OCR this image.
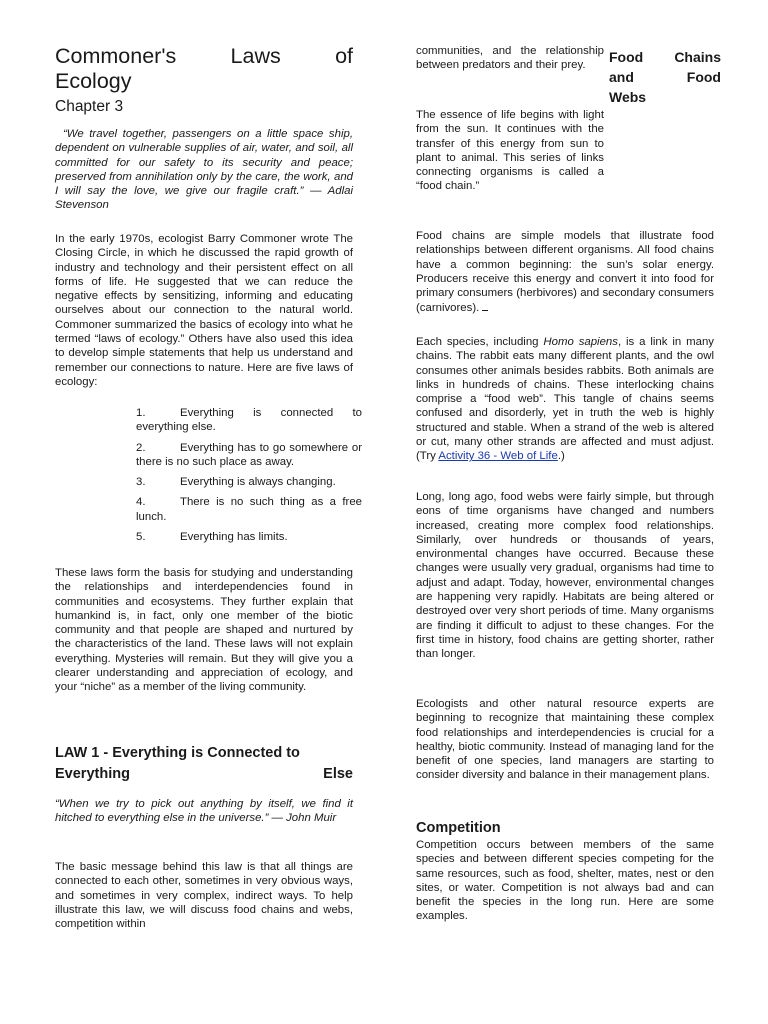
Commoner's	Laws	of
Ecology
Chapter 3

“We travel together, passengers on a little space ship, dependent on vulnerable supplies of air, water, and soil, all committed for our safety to its security and peace; preserved from annihilation only by the care, the work, and I will say the love, we give our fragile craft.” — Adlai Stevenson

In the early 1970s, ecologist Barry Commoner wrote The Closing Circle, in which he discussed the rapid growth of industry and technology and their persistent effect on all forms of life. He suggested that we can reduce the negative effects by sensitizing, informing and educating ourselves about our connection to the natural world. Commoner summarized the basics of ecology into what he termed “laws of ecology.” Others have also used this idea to develop simple statements that help us understand and remember our connections to nature. Here are five laws of ecology:

1.	Everything is connected to everything else.
2.	Everything has to go somewhere or there is no such place as away.
3.	Everything is always changing.
4.	There is no such thing as a free lunch.
5.	Everything has limits.

These laws form the basis for studying and understanding the relationships and interdependencies found in communities and ecosystems. They further explain that humankind is, in fact, only one member of the biotic community and that people are shaped and nurtured by the characteristics of the land. These laws will not explain everything. Mysteries will remain. But they will give you a clearer understanding and appreciation of ecology, and your “niche” as a member of the living community.

LAW 1 - Everything is Connected to
Everything	Else

“When we try to pick out anything by itself, we find it hitched to everything else in the universe.” — John Muir

The basic message behind this law is that all things are connected to each other, sometimes in very obvious ways, and sometimes in very complex, indirect ways. To help illustrate this law, we will discuss food chains and webs, competition within

communities, and the relationship between predators and their prey.

Food Chains
and	Food
Webs

The essence of life begins with light from the sun. It continues with the transfer of this energy from sun to plant to animal. This series of links connecting organisms is called a “food chain.”

Food chains are simple models that illustrate food relationships between different organisms. All food chains have a common beginning: the sun’s solar energy. Producers receive this energy and convert it into food for primary consumers (herbivores) and secondary consumers (carnivores).

Each species, including Homo sapiens, is a link in many chains. The rabbit eats many different plants, and the owl consumes other animals besides rabbits. Both animals are links in hundreds of chains. These interlocking chains comprise a “food web”. This tangle of chains seems confused and disorderly, yet in truth the web is highly structured and stable. When a strand of the web is altered or cut, many other strands are affected and must adjust. (Try Activity 36 - Web of Life.)

Long, long ago, food webs were fairly simple, but through eons of time organisms have changed and numbers increased, creating more complex food relationships. Similarly, over hundreds or thousands of years, environmental changes have occurred. Because these changes were usually very gradual, organisms had time to adjust and adapt. Today, however, environmental changes are happening very rapidly. Habitats are being altered or destroyed over very short periods of time. Many organisms are finding it difficult to adjust to these changes. For the first time in history, food chains are getting shorter, rather than longer.

Ecologists and other natural resource experts are beginning to recognize that maintaining these complex food relationships and interdependencies is crucial for a healthy, biotic community. Instead of managing land for the benefit of one species, land managers are starting to consider diversity and balance in their management plans.

Competition

Competition occurs between members of the same species and between different species competing for the same resources, such as food, shelter, mates, nest or den sites, or water. Competition is not always bad and can benefit the species in the long run. Here are some examples.
